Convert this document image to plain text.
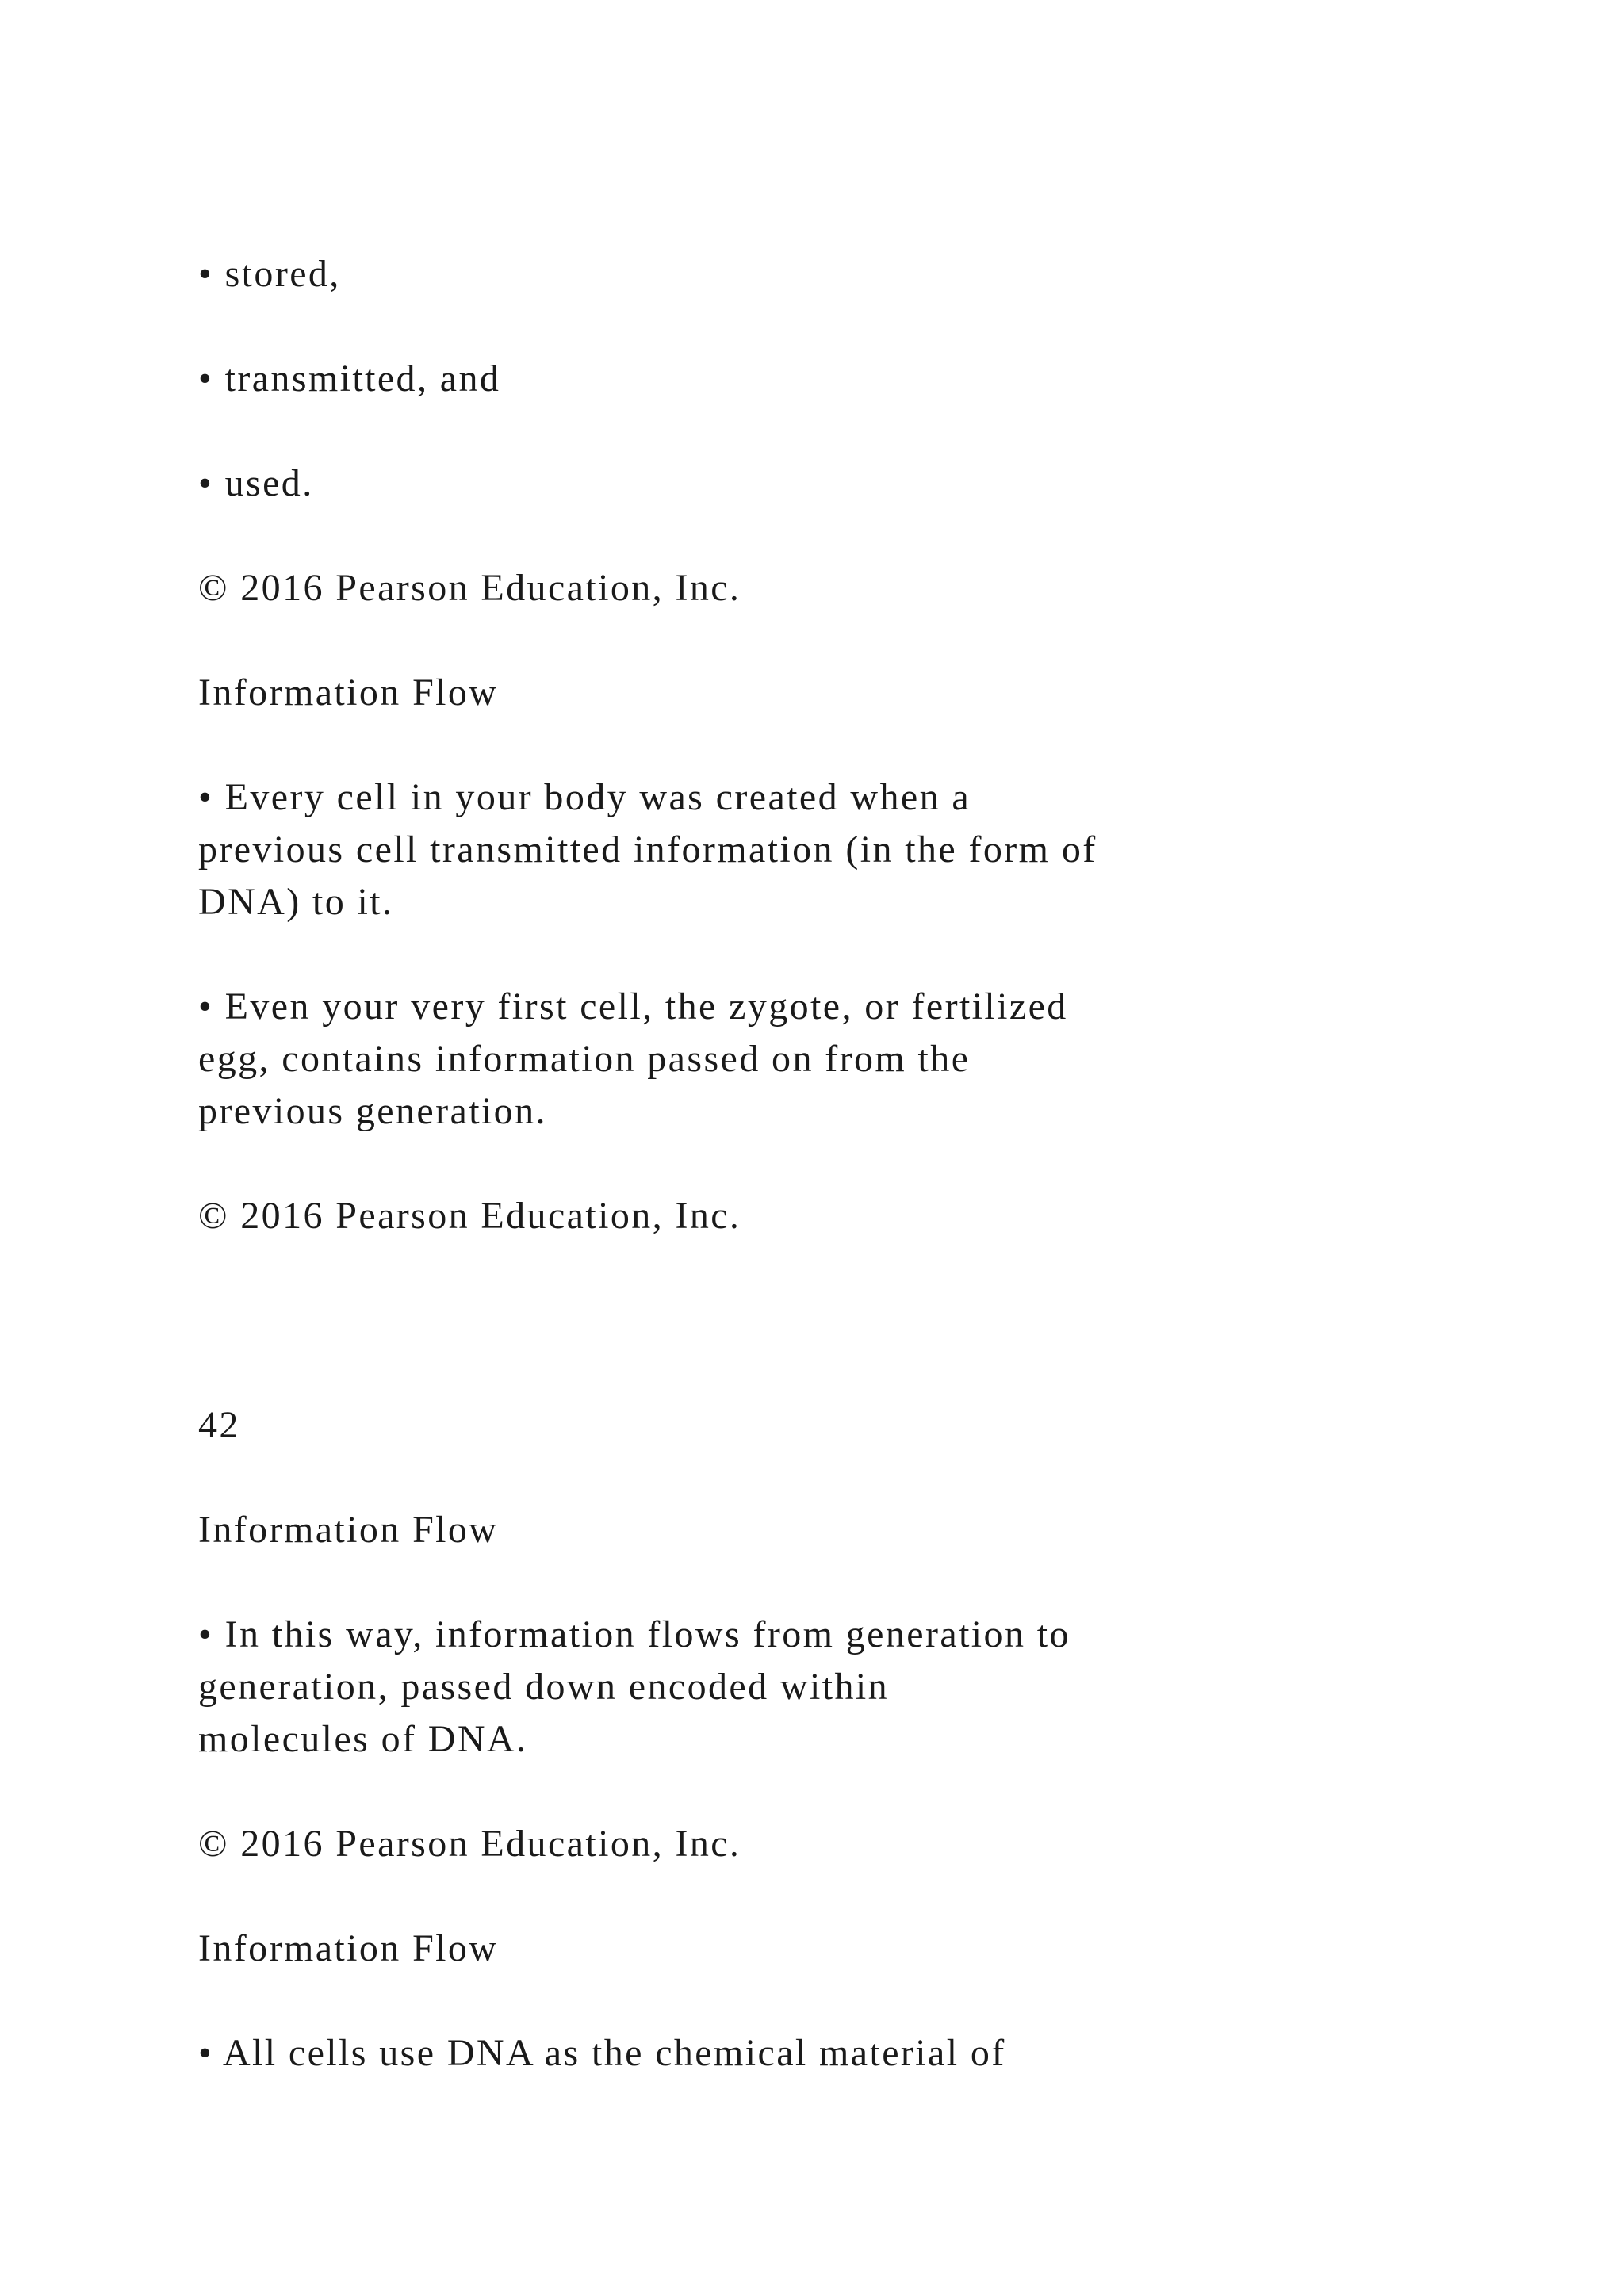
• stored,
• transmitted, and
• used.
© 2016 Pearson Education, Inc.
Information Flow
• Every cell in your body was created when a
previous cell transmitted information (in the form of
DNA) to it.
• Even your very first cell, the zygote, or fertilized
egg, contains information passed on from the
previous generation.
© 2016 Pearson Education, Inc.
42
Information Flow
• In this way, information flows from generation to
generation, passed down encoded within
molecules of DNA.
© 2016 Pearson Education, Inc.
Information Flow
• All cells use DNA as the chemical material of
